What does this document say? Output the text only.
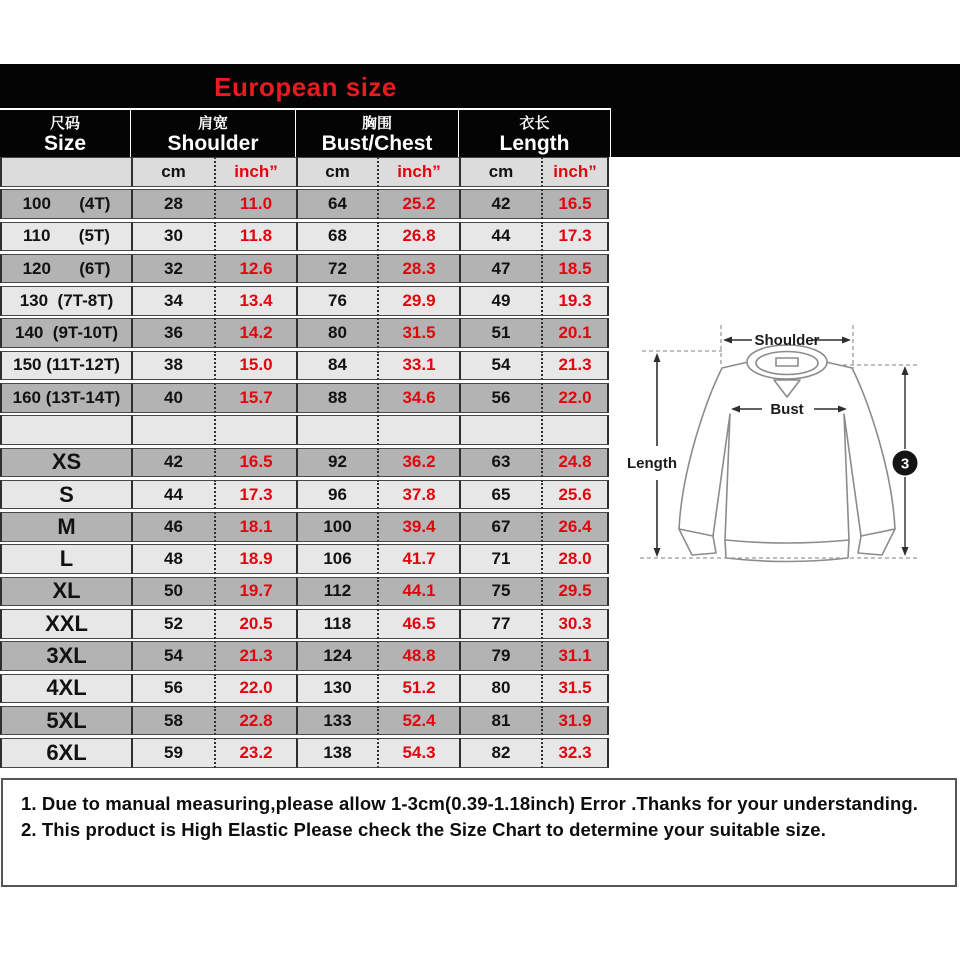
European size
尺码
Size
肩宽
Shoulder
胸围
Bust/Chest
衣长
Length
cm	inch”	cm	inch”	cm	inch”
100      (4T)	28	11.0	64	25.2	42	16.5
110      (5T)	30	11.8	68	26.8	44	17.3
120      (6T)	32	12.6	72	28.3	47	18.5
130  (7T-8T)	34	13.4	76	29.9	49	19.3
140  (9T-10T)	36	14.2	80	31.5	51	20.1
150 (11T-12T)	38	15.0	84	33.1	54	21.3
160 (13T-14T)	40	15.7	88	34.6	56	22.0
XS	42	16.5	92	36.2	63	24.8
S	44	17.3	96	37.8	65	25.6
M	46	18.1	100	39.4	67	26.4
L	48	18.9	106	41.7	71	28.0
XL	50	19.7	112	44.1	75	29.5
XXL	52	20.5	118	46.5	77	30.3
3XL	54	21.3	124	48.8	79	31.1
4XL	56	22.0	130	51.2	80	31.5
5XL	58	22.8	133	52.4	81	31.9
6XL	59	23.2	138	54.3	82	32.3
Shoulder
Bust
Length	3
1. Due to manual measuring,please allow 1-3cm(0.39-1.18inch) Error .Thanks for your understanding.
2. This product is High Elastic Please check the Size Chart to determine your suitable size.
